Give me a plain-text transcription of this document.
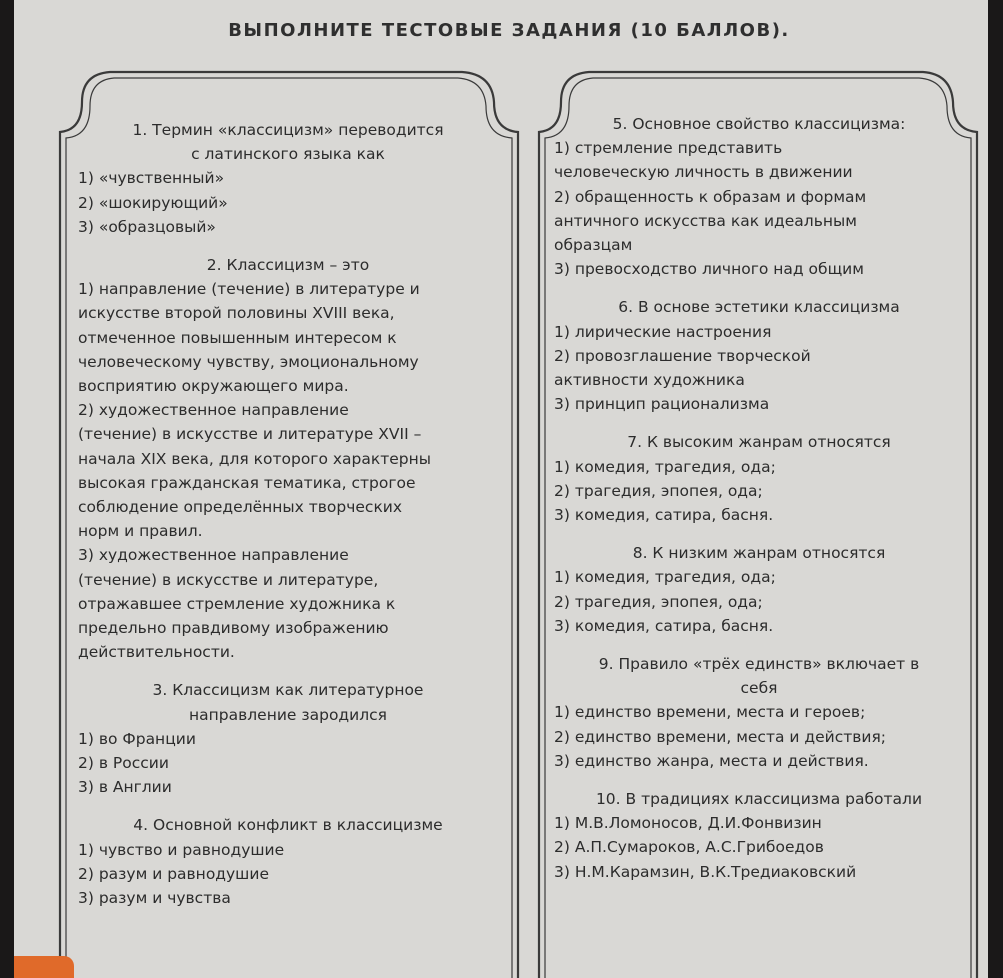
ВЫПОЛНИТЕ ТЕСТОВЫЕ ЗАДАНИЯ (10 БАЛЛОВ).
1. Термин «классицизм» переводится
с латинского языка как
1) «чувственный»
2) «шокирующий»
3) «образцовый»
2. Классицизм – это
1) направление (течение) в литературе и
искусстве второй половины XVIII века,
отмеченное повышенным интересом к
человеческому чувству, эмоциональному
восприятию окружающего мира.
2) художественное направление
(течение) в искусстве и литературе XVII –
начала XIX века, для которого характерны
высокая гражданская тематика, строгое
соблюдение определённых творческих
норм и правил.
3) художественное направление
(течение) в искусстве и литературе,
отражавшее стремление художника к
предельно правдивому изображению
действительности.
3. Классицизм как литературное
направление зародился
1) во Франции
2) в России
3) в Англии
4. Основной конфликт в классицизме
1) чувство и равнодушие
2) разум и равнодушие
3) разум и чувства
5. Основное свойство классицизма:
1) стремление представить
человеческую личность в движении
2) обращенность к образам и формам
античного искусства как идеальным
образцам
3) превосходство личного над общим
6. В основе эстетики классицизма
1) лирические настроения
2) провозглашение творческой
активности художника
3) принцип рационализма
7. К высоким жанрам относятся
1) комедия, трагедия, ода;
2) трагедия, эпопея, ода;
3) комедия, сатира, басня.
8. К низким жанрам относятся
1) комедия, трагедия, ода;
2) трагедия, эпопея, ода;
3) комедия, сатира, басня.
9. Правило «трёх единств» включает в
себя
1) единство времени, места и героев;
2) единство времени, места и действия;
3) единство жанра, места и действия.
10. В традициях классицизма работали
1) М.В.Ломоносов, Д.И.Фонвизин
2) А.П.Сумароков, А.С.Грибоедов
3) Н.М.Карамзин, В.К.Тредиаковский
